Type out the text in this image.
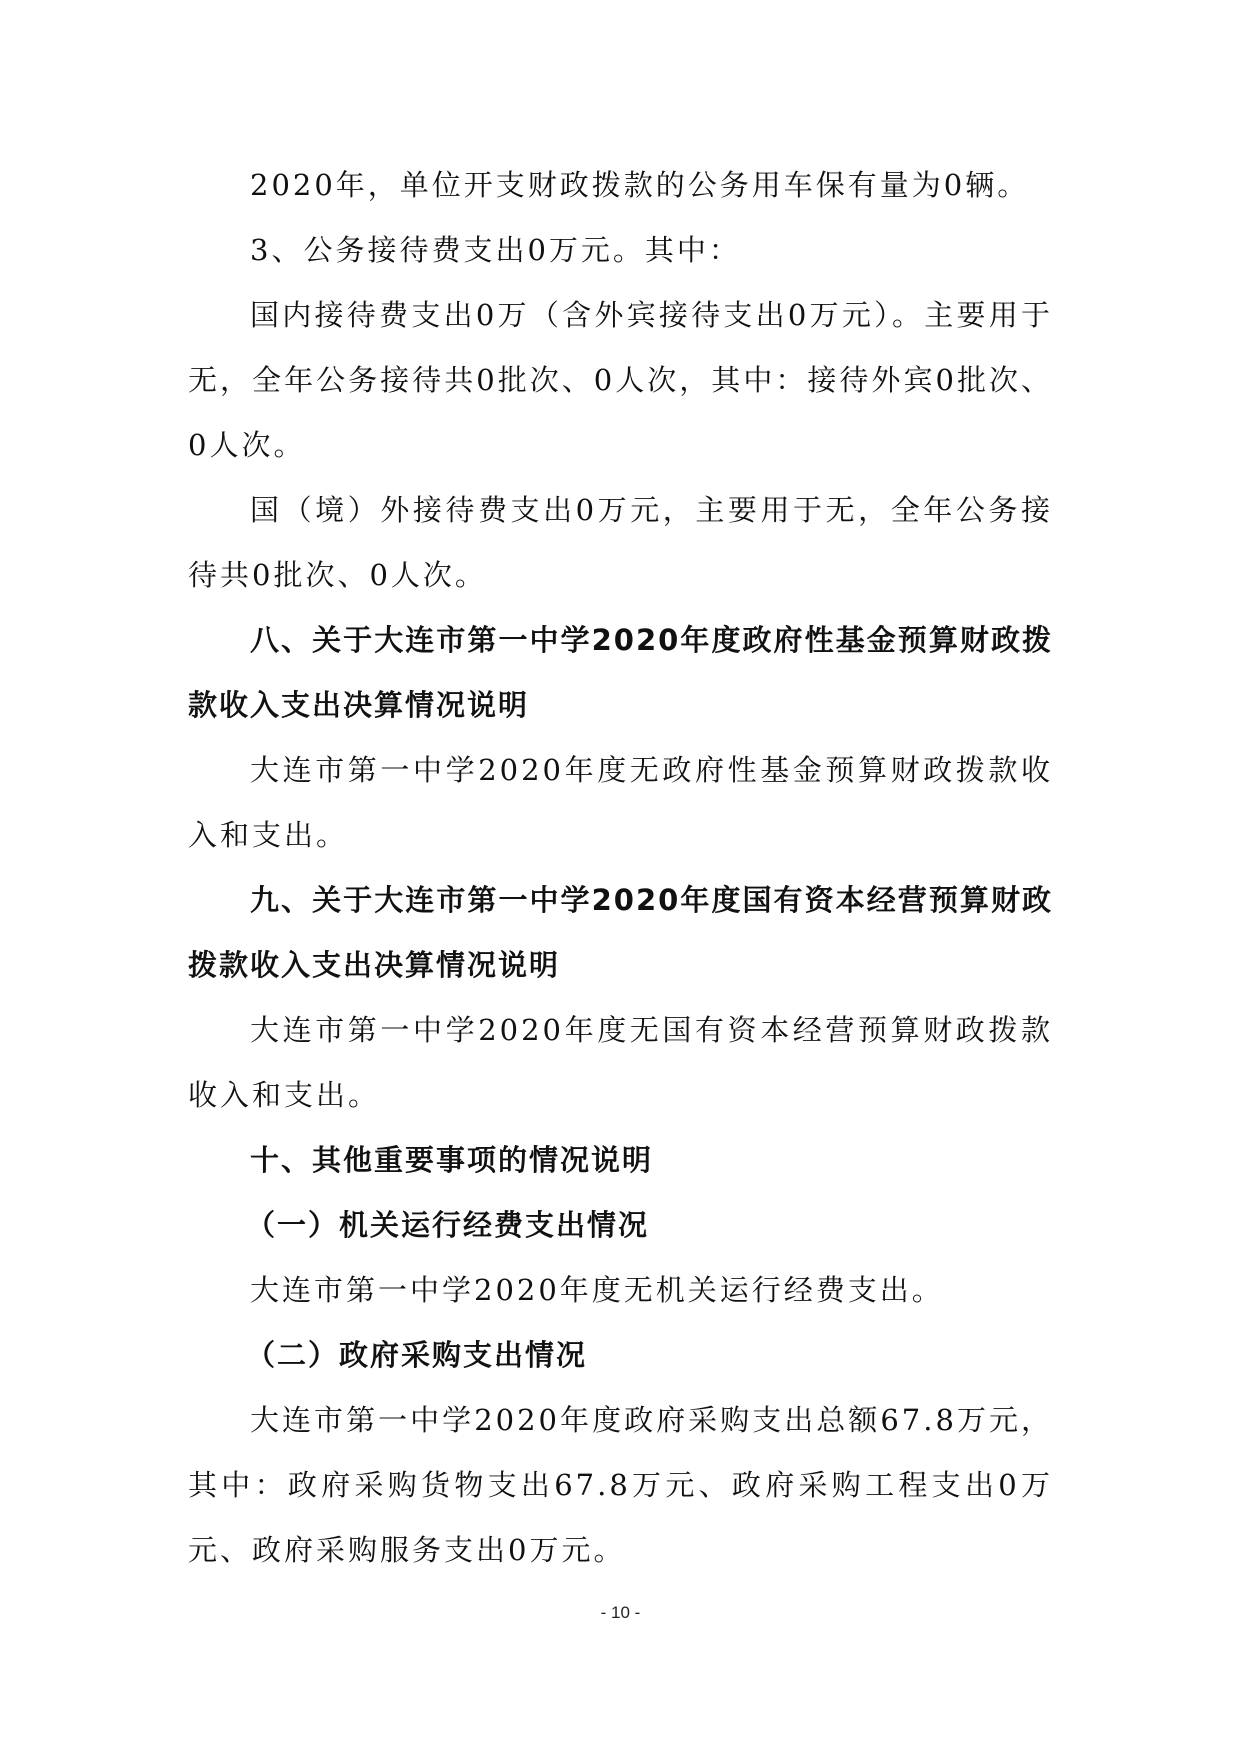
2020年，单位开支财政拨款的公务用车保有量为0辆。

3、公务接待费支出0万元。其中：

国内接待费支出0万（含外宾接待支出0万元）。主要用于无，全年公务接待共0批次、0人次，其中：接待外宾0批次、0人次。

国（境）外接待费支出0万元，主要用于无，全年公务接待共0批次、0人次。

八、关于大连市第一中学2020年度政府性基金预算财政拨款收入支出决算情况说明

大连市第一中学2020年度无政府性基金预算财政拨款收入和支出。

九、关于大连市第一中学2020年度国有资本经营预算财政拨款收入支出决算情况说明

大连市第一中学2020年度无国有资本经营预算财政拨款收入和支出。

十、其他重要事项的情况说明

（一）机关运行经费支出情况

大连市第一中学2020年度无机关运行经费支出。

（二）政府采购支出情况

大连市第一中学2020年度政府采购支出总额67.8万元，其中：政府采购货物支出67.8万元、政府采购工程支出0万元、政府采购服务支出0万元。

- 10 -
